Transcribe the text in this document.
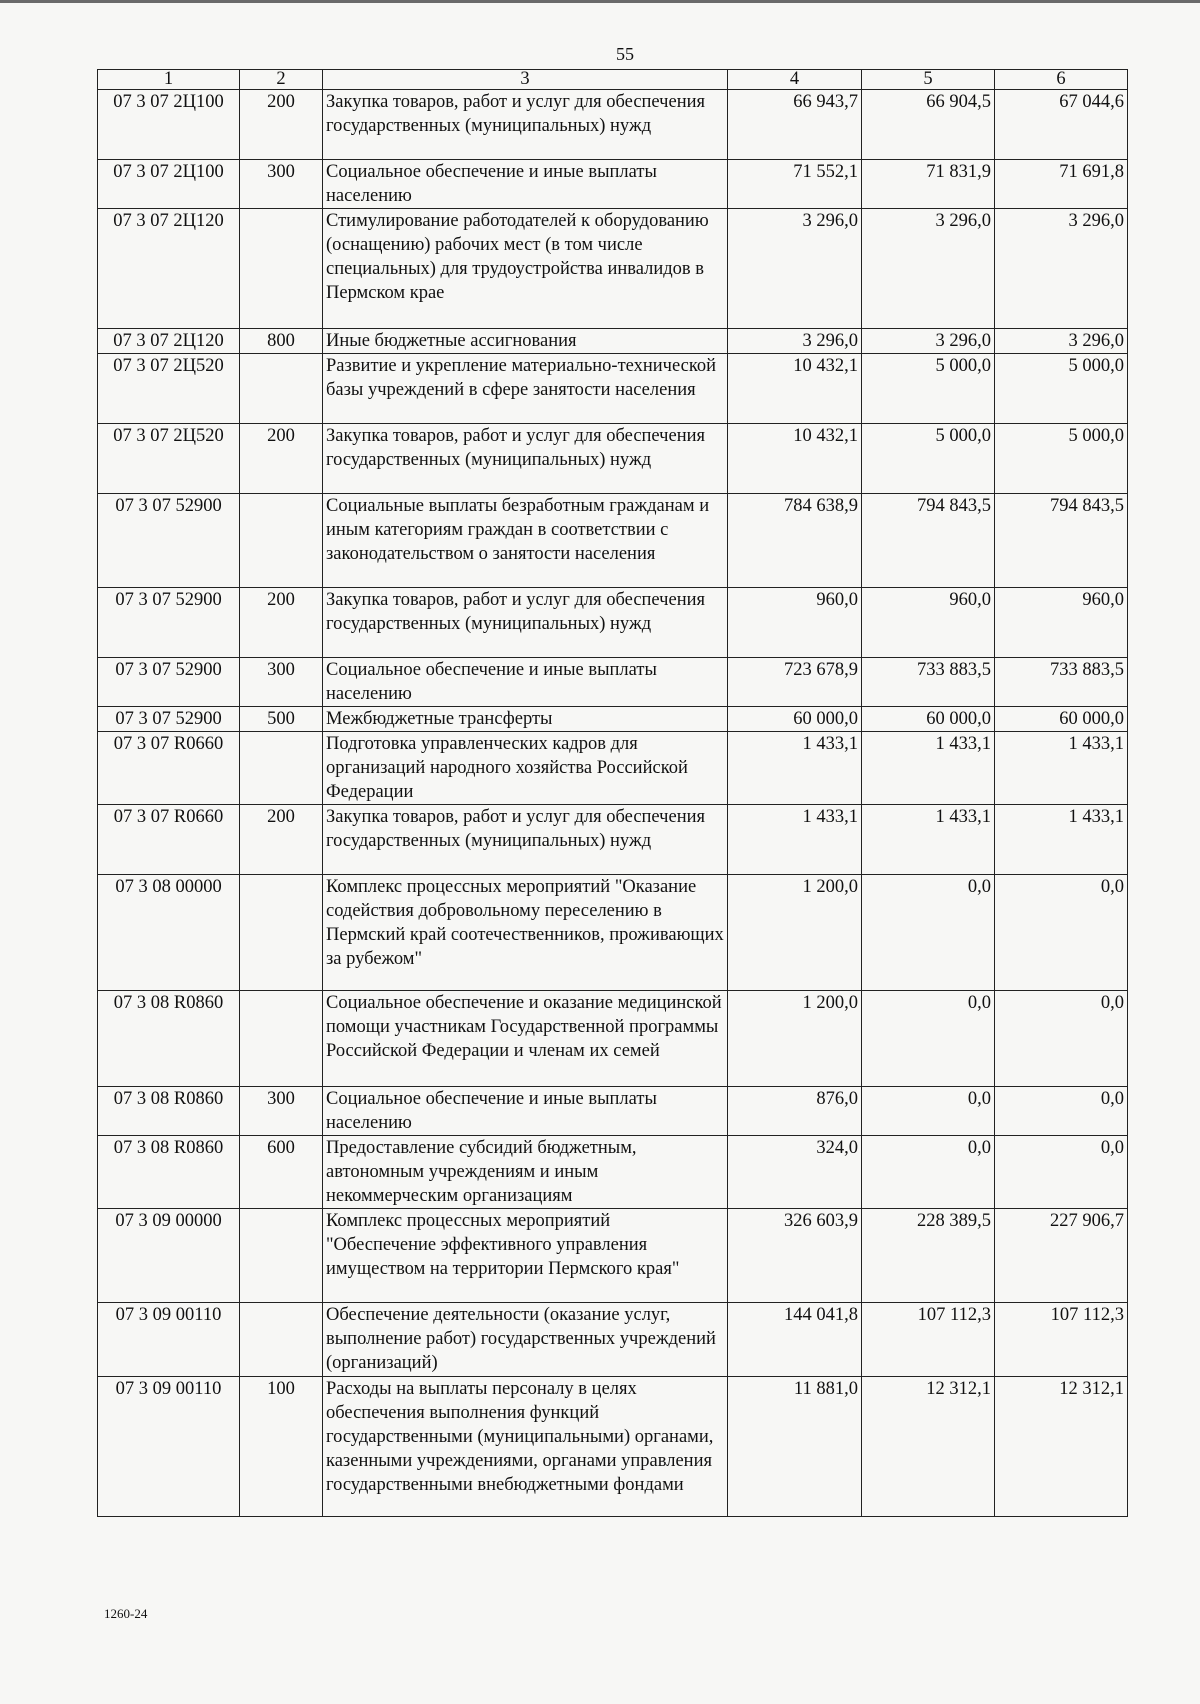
55
1	2	3	4	5	6
07 3 07 2Ц100	200	Закупка товаров, работ и услуг для обеспечения государственных (муниципальных) нужд	66 943,7	66 904,5	67 044,6
07 3 07 2Ц100	300	Социальное обеспечение и иные выплаты населению	71 552,1	71 831,9	71 691,8
07 3 07 2Ц120		Стимулирование работодателей к оборудованию (оснащению) рабочих мест (в том числе специальных) для трудоустройства инвалидов в Пермском крае	3 296,0	3 296,0	3 296,0
07 3 07 2Ц120	800	Иные бюджетные ассигнования	3 296,0	3 296,0	3 296,0
07 3 07 2Ц520		Развитие и укрепление материально-технической базы учреждений в сфере занятости населения	10 432,1	5 000,0	5 000,0
07 3 07 2Ц520	200	Закупка товаров, работ и услуг для обеспечения государственных (муниципальных) нужд	10 432,1	5 000,0	5 000,0
07 3 07 52900		Социальные выплаты безработным гражданам и иным категориям граждан в соответствии с законодательством о занятости населения	784 638,9	794 843,5	794 843,5
07 3 07 52900	200	Закупка товаров, работ и услуг для обеспечения государственных (муниципальных) нужд	960,0	960,0	960,0
07 3 07 52900	300	Социальное обеспечение и иные выплаты населению	723 678,9	733 883,5	733 883,5
07 3 07 52900	500	Межбюджетные трансферты	60 000,0	60 000,0	60 000,0
07 3 07 R0660		Подготовка управленческих кадров для организаций народного хозяйства Российской Федерации	1 433,1	1 433,1	1 433,1
07 3 07 R0660	200	Закупка товаров, работ и услуг для обеспечения государственных (муниципальных) нужд	1 433,1	1 433,1	1 433,1
07 3 08 00000		Комплекс процессных мероприятий "Оказание содействия добровольному переселению в Пермский край соотечественников, проживающих за рубежом"	1 200,0	0,0	0,0
07 3 08 R0860		Социальное обеспечение и оказание медицинской помощи участникам Государственной программы Российской Федерации и членам их семей	1 200,0	0,0	0,0
07 3 08 R0860	300	Социальное обеспечение и иные выплаты населению	876,0	0,0	0,0
07 3 08 R0860	600	Предоставление субсидий бюджетным, автономным учреждениям и иным некоммерческим организациям	324,0	0,0	0,0
07 3 09 00000		Комплекс процессных мероприятий "Обеспечение эффективного управления имуществом на территории Пермского края"	326 603,9	228 389,5	227 906,7
07 3 09 00110		Обеспечение деятельности (оказание услуг, выполнение работ) государственных учреждений (организаций)	144 041,8	107 112,3	107 112,3
07 3 09 00110	100	Расходы на выплаты персоналу в целях обеспечения выполнения функций государственными (муниципальными) органами, казенными учреждениями, органами управления государственными внебюджетными фондами	11 881,0	12 312,1	12 312,1
1260-24
